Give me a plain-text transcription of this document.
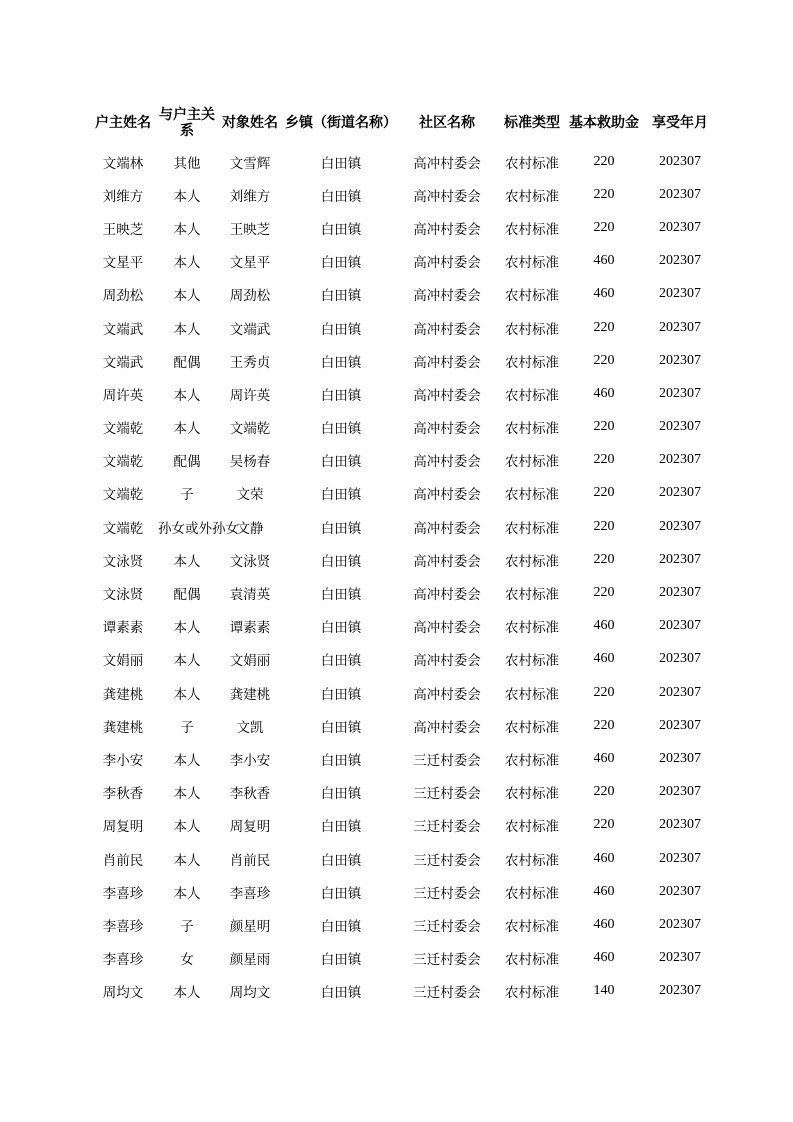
户主姓名	与户主关系	对象姓名	乡镇（街道名称）	社区名称	标准类型	基本救助金	享受年月
文端林	其他	文雪辉	白田镇	高冲村委会	农村标准	220	202307
刘维方	本人	刘维方	白田镇	高冲村委会	农村标准	220	202307
王映芝	本人	王映芝	白田镇	高冲村委会	农村标准	220	202307
文星平	本人	文星平	白田镇	高冲村委会	农村标准	460	202307
周劲松	本人	周劲松	白田镇	高冲村委会	农村标准	460	202307
文端武	本人	文端武	白田镇	高冲村委会	农村标准	220	202307
文端武	配偶	王秀贞	白田镇	高冲村委会	农村标准	220	202307
周许英	本人	周许英	白田镇	高冲村委会	农村标准	460	202307
文端乾	本人	文端乾	白田镇	高冲村委会	农村标准	220	202307
文端乾	配偶	吴杨春	白田镇	高冲村委会	农村标准	220	202307
文端乾	子	文荣	白田镇	高冲村委会	农村标准	220	202307
文端乾	孙女或外孙女	文静	白田镇	高冲村委会	农村标准	220	202307
文泳贤	本人	文泳贤	白田镇	高冲村委会	农村标准	220	202307
文泳贤	配偶	袁清英	白田镇	高冲村委会	农村标准	220	202307
谭素素	本人	谭素素	白田镇	高冲村委会	农村标准	460	202307
文娟丽	本人	文娟丽	白田镇	高冲村委会	农村标准	460	202307
龚建桃	本人	龚建桃	白田镇	高冲村委会	农村标准	220	202307
龚建桃	子	文凯	白田镇	高冲村委会	农村标准	220	202307
李小安	本人	李小安	白田镇	三迁村委会	农村标准	460	202307
李秋香	本人	李秋香	白田镇	三迁村委会	农村标准	220	202307
周复明	本人	周复明	白田镇	三迁村委会	农村标准	220	202307
肖前民	本人	肖前民	白田镇	三迁村委会	农村标准	460	202307
李喜珍	本人	李喜珍	白田镇	三迁村委会	农村标准	460	202307
李喜珍	子	颜星明	白田镇	三迁村委会	农村标准	460	202307
李喜珍	女	颜星雨	白田镇	三迁村委会	农村标准	460	202307
周均文	本人	周均文	白田镇	三迁村委会	农村标准	140	202307
